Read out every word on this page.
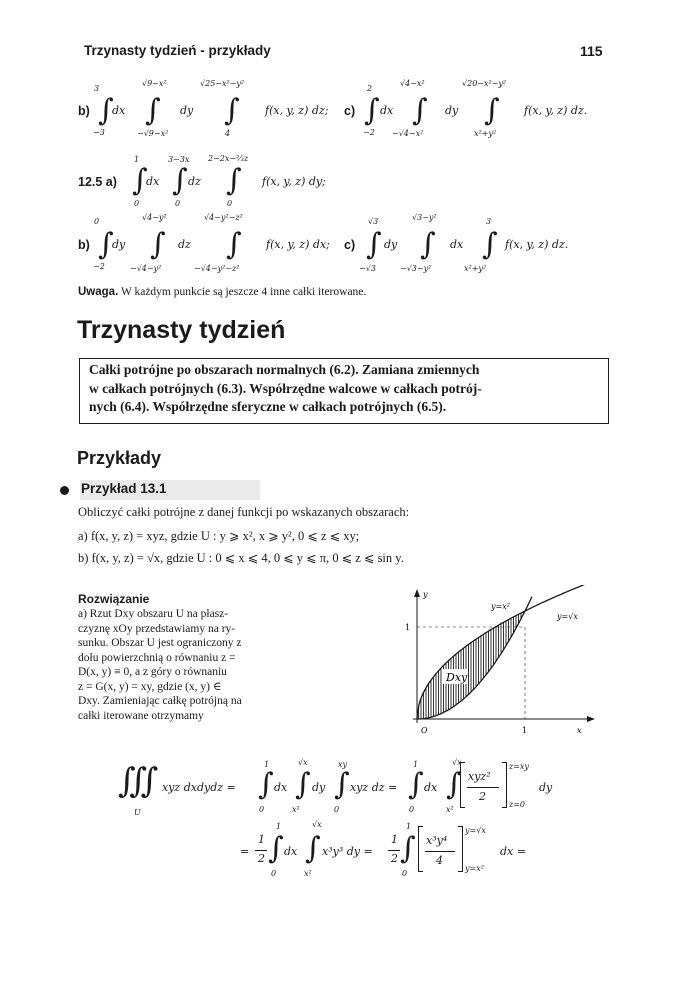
Trzynasty tydzień - przykłady	115
b) ∫
3
−3
dx ∫
√9−x²
−√9−x²
dy ∫
√25−x²−y²
4
f(x, y, z) dz; c) ∫
2
−2
dx ∫
√4−x²
−√4−x²
dy ∫
√20−x²−y²
x²+y²
f(x, y, z) dz.
12.5 a) ∫
1
0
dx ∫
3−3x
0
dz ∫
2−2x−⅔z
0
f(x, y, z) dy;
b) ∫
0
−2
dy ∫
√4−y²
−√4−y²
dz ∫
√4−y²−z²
−√4−y²−z²
f(x, y, z) dx; c) ∫
√3
−√3
dy ∫
√3−y²
−√3−y²
dx ∫
3
x²+y²
f(x, y, z) dz.
Uwaga. W każdym punkcie są jeszcze 4 inne całki iterowane.
Trzynasty tydzień
Całki potrójne po obszarach normalnych (6.2). Zamiana zmiennych
w całkach potrójnych (6.3). Współrzędne walcowe w całkach potrój-
nych (6.4). Współrzędne sferyczne w całkach potrójnych (6.5).
Przykłady
Przykład 13.1
Obliczyć całki potrójne z danej funkcji po wskazanych obszarach:
a) f(x, y, z) = xyz, gdzie U : y ⩾ x², x ⩾ y², 0 ⩽ z ⩽ xy;
b) f(x, y, z) = √x, gdzie U : 0 ⩽ x ⩽ 4, 0 ⩽ y ⩽ π, 0 ⩽ z ⩽ sin y.
Rozwiązanie
a) Rzut Dxy obszaru U na płasz-
czyznę xOy przedstawiamy na ry-
sunku. Obszar U jest ograniczony z
dołu powierzchnią o równaniu z =
D(x, y) ≡ 0, a z góry o równaniu
z = G(x, y) = xy, gdzie (x, y) ∈
Dxy. Zamieniając całkę potrójną na
całki iterowane otrzymamy
Dxy
y
x
O	1
1
y=x²
y=√x
∭
U
xyz dxdydz = ∫
1
0
dx ∫
√x
x²
dy ∫
xy
0
xyz dz = ∫
1
0
dx ∫
√x
x²
xyz²
2
z=xy
z=0
dy
=
1
2 ∫
1
0
dx ∫
√x
x²
x³y³ dy =
1
2 ∫
1
0
x³y⁴
4
y=√x
y=x²
dx =
